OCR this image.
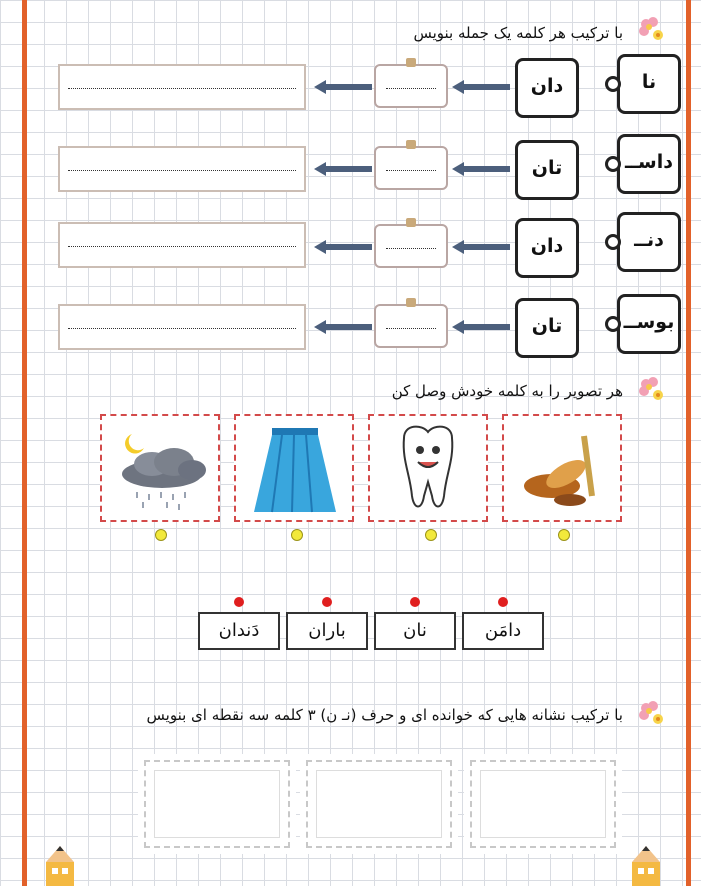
با ترکیب هر کلمه یک جمله بنویس
نا
دان
داســ
تان
دنــ
دان
بوســ
تان
هر تصویر را به کلمه خودش وصل کن
دامَن
نان
باران
دَندان
با ترکیب نشانه هایی که خوانده ای و حرف (نـ ن) ۳ کلمه سه نقطه ای بنویس
